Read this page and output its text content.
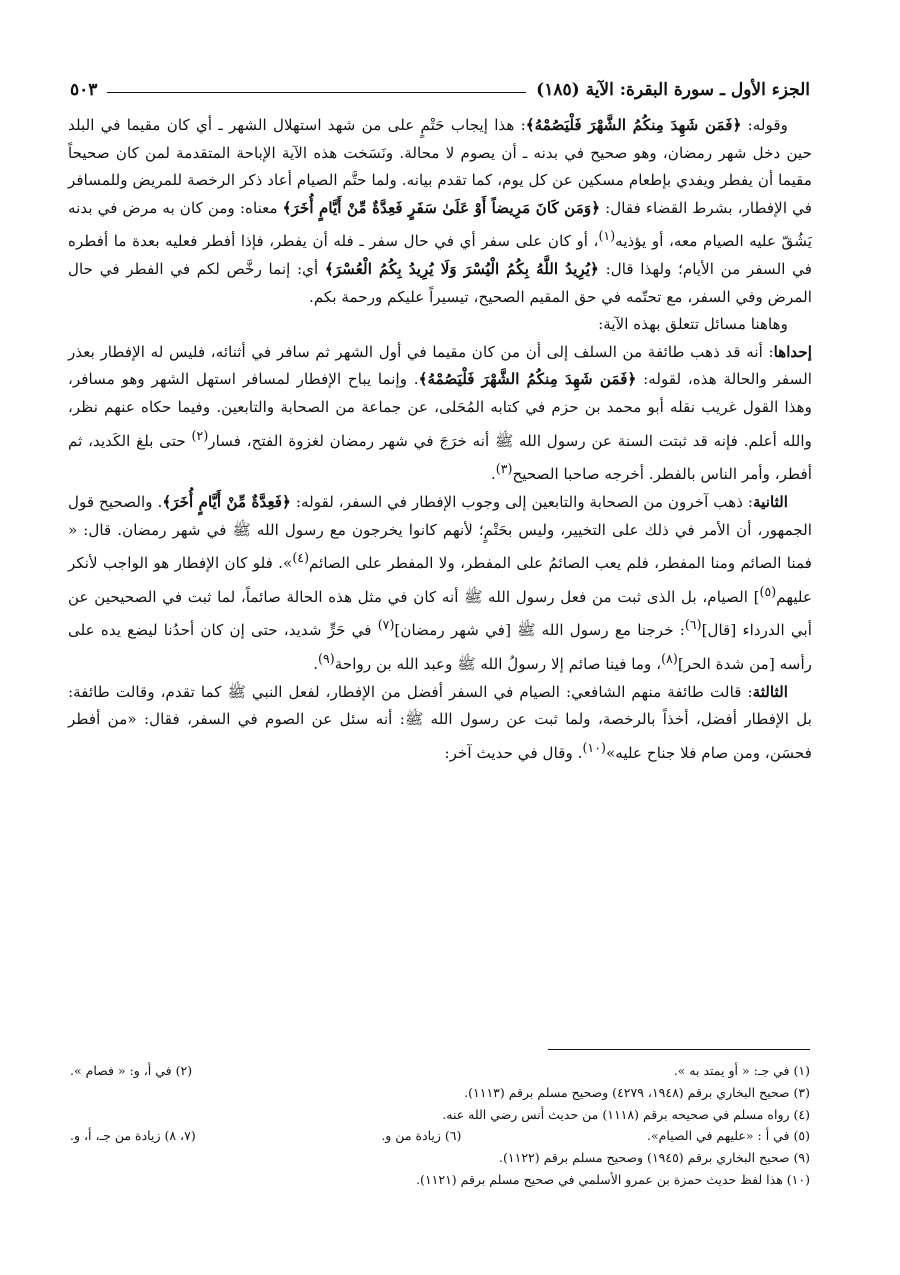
الجزء الأول ـ سورة البقرة: الآية (١٨٥)
٥٠٣

وقوله: ﴿فَمَن شَهِدَ مِنكُمُ الشَّهْرَ فَلْيَصُمْهُ﴾: هذا إيجاب حَتْمٍ على من شهد استهلال الشهر ـ أي كان مقيما في البلد حين دخل شهر رمضان، وهو صحيح في بدنه ـ أن يصوم لا محالة. ونَسَخت هذه الآية الإباحة المتقدمة لمن كان صحيحاً مقيما أن يفطر ويفدي بإطعام مسكين عن كل يوم، كما تقدم بيانه. ولما حتَّم الصيام أعاد ذكر الرخصة للمريض وللمسافر في الإفطار، بشرط القضاء فقال: ﴿وَمَن كَانَ مَرِيضاً أَوْ عَلَىٰ سَفَرٍ فَعِدَّةٌ مِّنْ أَيَّامٍ أُخَرَ﴾ معناه: ومن كان به مرض في بدنه يَشُقّ عليه الصيام معه، أو يؤذيه$^{(١)}$، أو كان على سفر أي في حال سفر ـ فله أن يفطر، فإذا أفطر فعليه بعدة ما أفطره في السفر من الأيام؛ ولهذا قال: ﴿يُرِيدُ اللَّهُ بِكُمُ الْيُسْرَ وَلَا يُرِيدُ بِكُمُ الْعُسْرَ﴾ أي: إنما رخَّص لكم في الفطر في حال المرض وفي السفر، مع تحتّمه في حق المقيم الصحيح، تيسيراً عليكم ورحمة بكم.

وهاهنا مسائل تتعلق بهذه الآية:

إحداها: أنه قد ذهب طائفة من السلف إلى أن من كان مقيما في أول الشهر ثم سافر في أثنائه، فليس له الإفطار بعذر السفر والحالة هذه، لقوله: ﴿فَمَن شَهِدَ مِنكُمُ الشَّهْرَ فَلْيَصُمْهُ﴾. وإنما يباح الإفطار لمسافر استهل الشهر وهو مسافر، وهذا القول غريب نقله أبو محمد بن حزم في كتابه المُحَلى، عن جماعة من الصحابة والتابعين. وفيما حكاه عنهم نظر، والله أعلم. فإنه قد ثبتت السنة عن رسول الله ﷺ أنه خرَجَ في شهر رمضان لغزوة الفتح، فسار$^{(٢)}$ حتى بلغ الكَديد، ثم أفطر، وأمر الناس بالفطر. أخرجه صاحبا الصحيح$^{(٣)}$.

الثانية: ذهب آخرون من الصحابة والتابعين إلى وجوب الإفطار في السفر، لقوله: ﴿فَعِدَّةٌ مِّنْ أَيَّامٍ أُخَرَ﴾. والصحيح قول الجمهور، أن الأمر في ذلك على التخيير، وليس بحَتْمٍ؛ لأنهم كانوا يخرجون مع رسول الله ﷺ في شهر رمضان. قال: « فمنا الصائم ومنا المفطر، فلم يعب الصائمُ على المفطر، ولا المفطر على الصائم$^{(٤)}$». فلو كان الإفطار هو الواجب لأنكر عليهم$^{(٥)}$] الصيام، بل الذى ثبت من فعل رسول الله ﷺ أنه كان في مثل هذه الحالة صائماً، لما ثبت في الصحيحين عن أبي الدرداء [قال]$^{(٦)}$: خرجنا مع رسول الله ﷺ [في شهر رمضان]$^{(٧)}$ في حَرٍّ شديد، حتى إن كان أحدُنا ليضع يده على رأسه [من شدة الحر]$^{(٨)}$، وما فينا صائم إلا رسولُ الله ﷺ وعبد الله بن رواحة$^{(٩)}$.

الثالثة: قالت طائفة منهم الشافعي: الصيام في السفر أفضل من الإفطار، لفعل النبي ﷺ كما تقدم، وقالت طائفة: بل الإفطار أفضل، أخذاً بالرخصة، ولما ثبت عن رسول الله ﷺ: أنه سئل عن الصوم في السفر، فقال: «من أفطر فحسَن، ومن صام فلا جناح عليه»$^{(١٠)}$. وقال في حديث آخر:

(١) في جـ: « أو يمتد به ».
(٢) في أ، و: « فصام ».
(٣) صحيح البخاري برقم (١٩٤٨، ٤٢٧٩) وصحيح مسلم برقم (١١١٣).
(٤) رواه مسلم في صحيحه برقم (١١١٨) من حديث أنس رضي الله عنه.
(٥) في أ : «عليهم في الصيام».
(٦) زيادة من و.
(٧، ٨) زيادة من جـ، أ، و.
(٩) صحيح البخاري برقم (١٩٤٥) وصحيح مسلم برقم (١١٢٢).
(١٠) هذا لفظ حديث حمزة بن عمرو الأسلمي في صحيح مسلم برقم (١١٢١).
